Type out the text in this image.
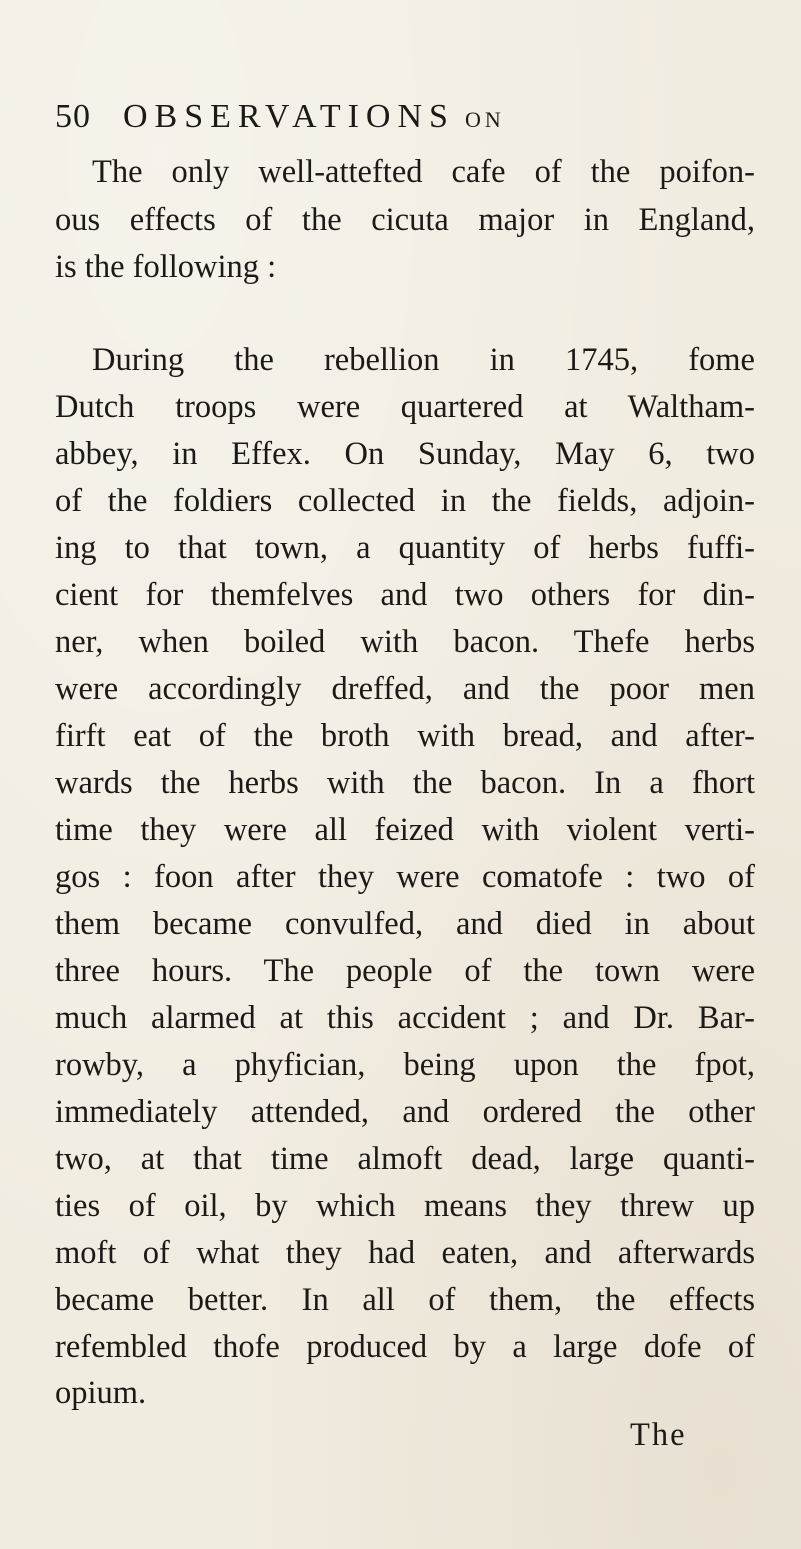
50 OBSERVATIONS ON
The only well-attefted cafe of the poifon-
ous effects of the cicuta major in England,
is the following :
During the rebellion in 1745, fome
Dutch troops were quartered at Waltham-
abbey, in Effex. On Sunday, May 6, two
of the foldiers collected in the fields, adjoin-
ing to that town, a quantity of herbs fuffi-
cient for themfelves and two others for din-
ner, when boiled with bacon. Thefe herbs
were accordingly dreffed, and the poor men
firft eat of the broth with bread, and after-
wards the herbs with the bacon. In a fhort
time they were all feized with violent verti-
gos : foon after they were comatofe : two of
them became convulfed, and died in about
three hours. The people of the town were
much alarmed at this accident ; and Dr. Bar-
rowby, a phyfician, being upon the fpot,
immediately attended, and ordered the other
two, at that time almoft dead, large quanti-
ties of oil, by which means they threw up
moft of what they had eaten, and afterwards
became better. In all of them, the effects
refembled thofe produced by a large dofe of
opium.
The
